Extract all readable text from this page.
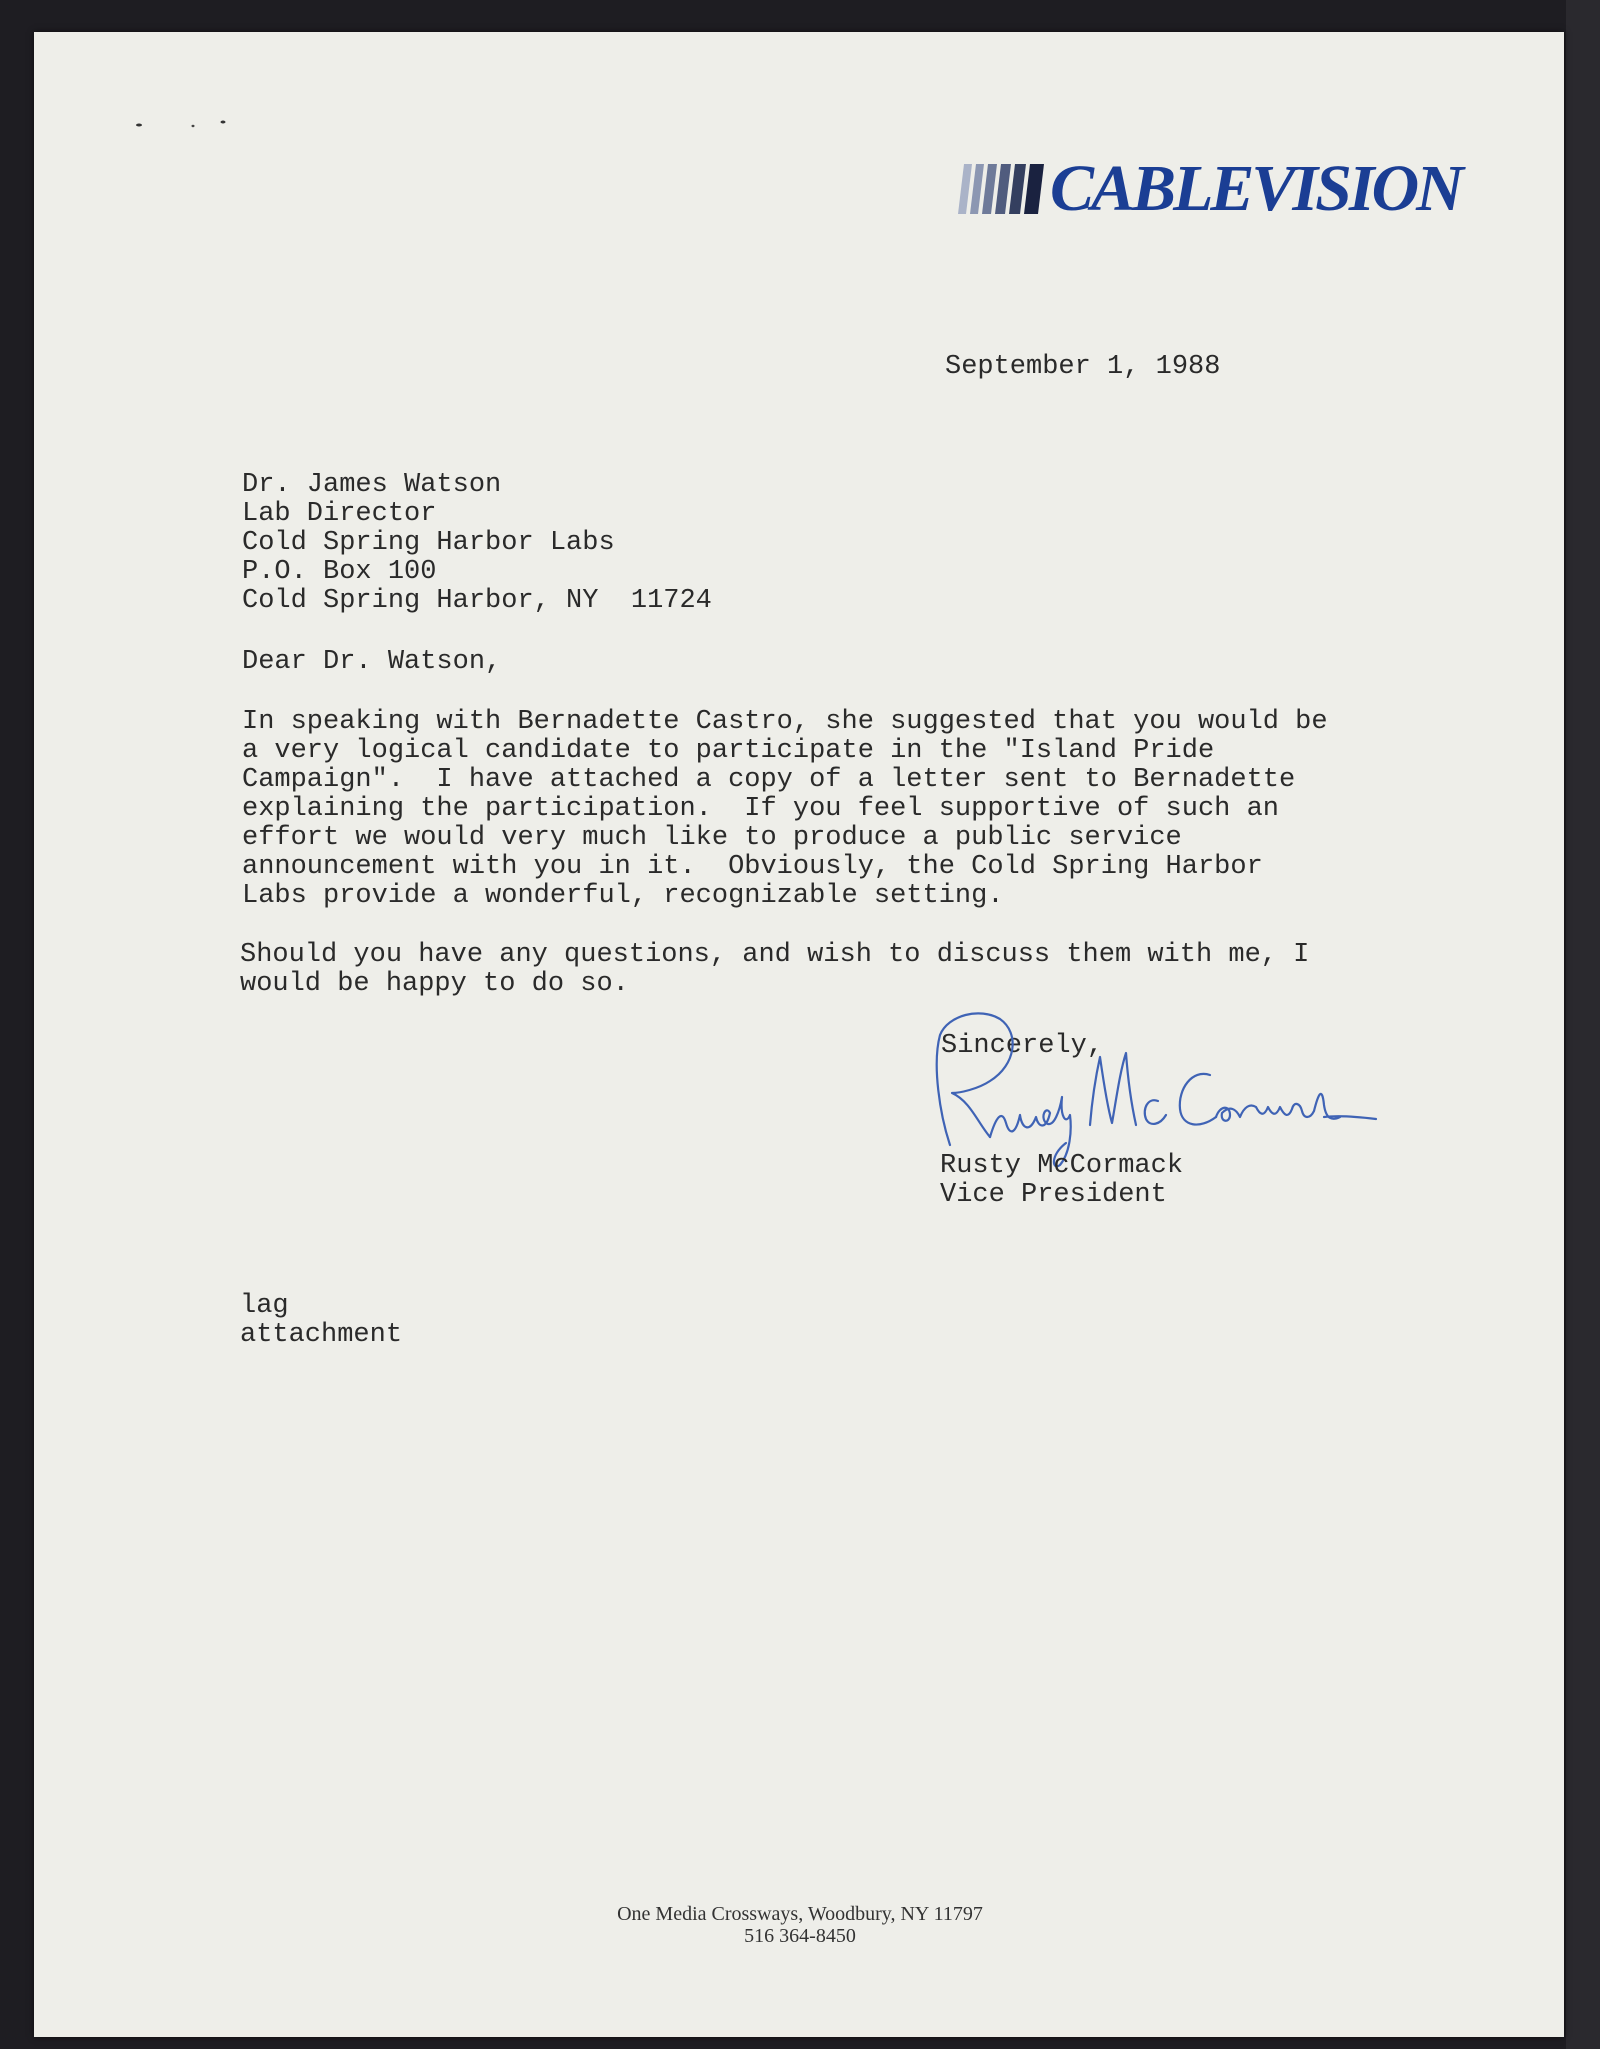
CABLEVISION
September 1, 1988
Dr. James Watson
Lab Director
Cold Spring Harbor Labs
P.O. Box 100
Cold Spring Harbor, NY  11724
Dear Dr. Watson,
In speaking with Bernadette Castro, she suggested that you would be
a very logical candidate to participate in the "Island Pride
Campaign".  I have attached a copy of a letter sent to Bernadette
explaining the participation.  If you feel supportive of such an
effort we would very much like to produce a public service
announcement with you in it.  Obviously, the Cold Spring Harbor
Labs provide a wonderful, recognizable setting.
Should you have any questions, and wish to discuss them with me, I
would be happy to do so.
Sincerely,
Rusty McCormack
Vice President
lag
attachment
One Media Crossways, Woodbury, NY 11797
516 364-8450
